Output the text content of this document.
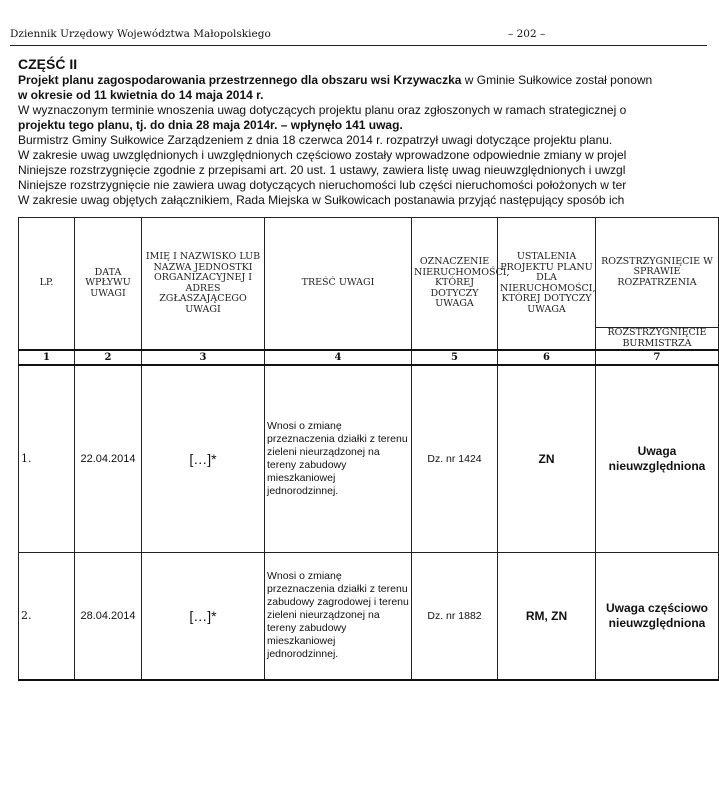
Dziennik Urzędowy Województwa Małopolskiego	– 202 –
CZĘŚĆ II

Projekt planu zagospodarowania przestrzennego dla obszaru wsi Krzywaczka w Gminie Sułkowice został ponown

w okresie od 11 kwietnia do 14 maja 2014 r.

W wyznaczonym terminie wnoszenia uwag dotyczących projektu planu oraz zgłoszonych w ramach strategicznej o

projektu tego planu, tj. do dnia 28 maja 2014r. – wpłynęło 141 uwag.

Burmistrz Gminy Sułkowice Zarządzeniem z dnia 18 czerwca 2014 r. rozpatrzył uwagi dotyczące projektu planu.

W zakresie uwag uwzględnionych i uwzględnionych częściowo zostały wprowadzone odpowiednie zmiany w projel

Niniejsze rozstrzygnięcie zgodnie z przepisami art. 20 ust. 1 ustawy, zawiera listę uwag nieuwzględnionych i uwzgl

Niniejsze rozstrzygnięcie nie zawiera uwag dotyczących nieruchomości lub części nieruchomości położonych w ter

W zakresie uwag objętych załącznikiem, Rada Miejska w Sułkowicach postanawia przyjąć następujący sposób ich

LP.	DATA WPŁYWU UWAGI	IMIĘ I NAZWISKO LUB NAZWA JEDNOSTKI ORGANIZACYJNEJ I ADRES ZGŁASZAJĄCEGO UWAGI	TREŚĆ UWAGI	OZNACZENIE NIERUCHOMOŚCI, KTÓREJ DOTYCZY UWAGA	USTALENIA PROJEKTU PLANU DLA NIERUCHOMOŚCI, KTÓREJ DOTYCZY UWAGA	ROZSTRZYGNIĘCIE W SPRAWIE ROZPATRZENIA
						ROZSTRZYGNIĘCIE BURMISTRZA
1	2	3	4	5	6	7
1.	22.04.2014	[…]*	Wnosi o zmianę przeznaczenia działki z terenu zieleni nieurządzonej na tereny zabudowy mieszkaniowej jednorodzinnej.	Dz. nr 1424	ZN	Uwaga nieuwzględniona
2.	28.04.2014	[…]*	Wnosi o zmianę przeznaczenia działki z terenu zabudowy zagrodowej i terenu zieleni nieurządzonej na tereny zabudowy mieszkaniowej jednorodzinnej.	Dz. nr 1882	RM, ZN	Uwaga częściowo nieuwzględniona
